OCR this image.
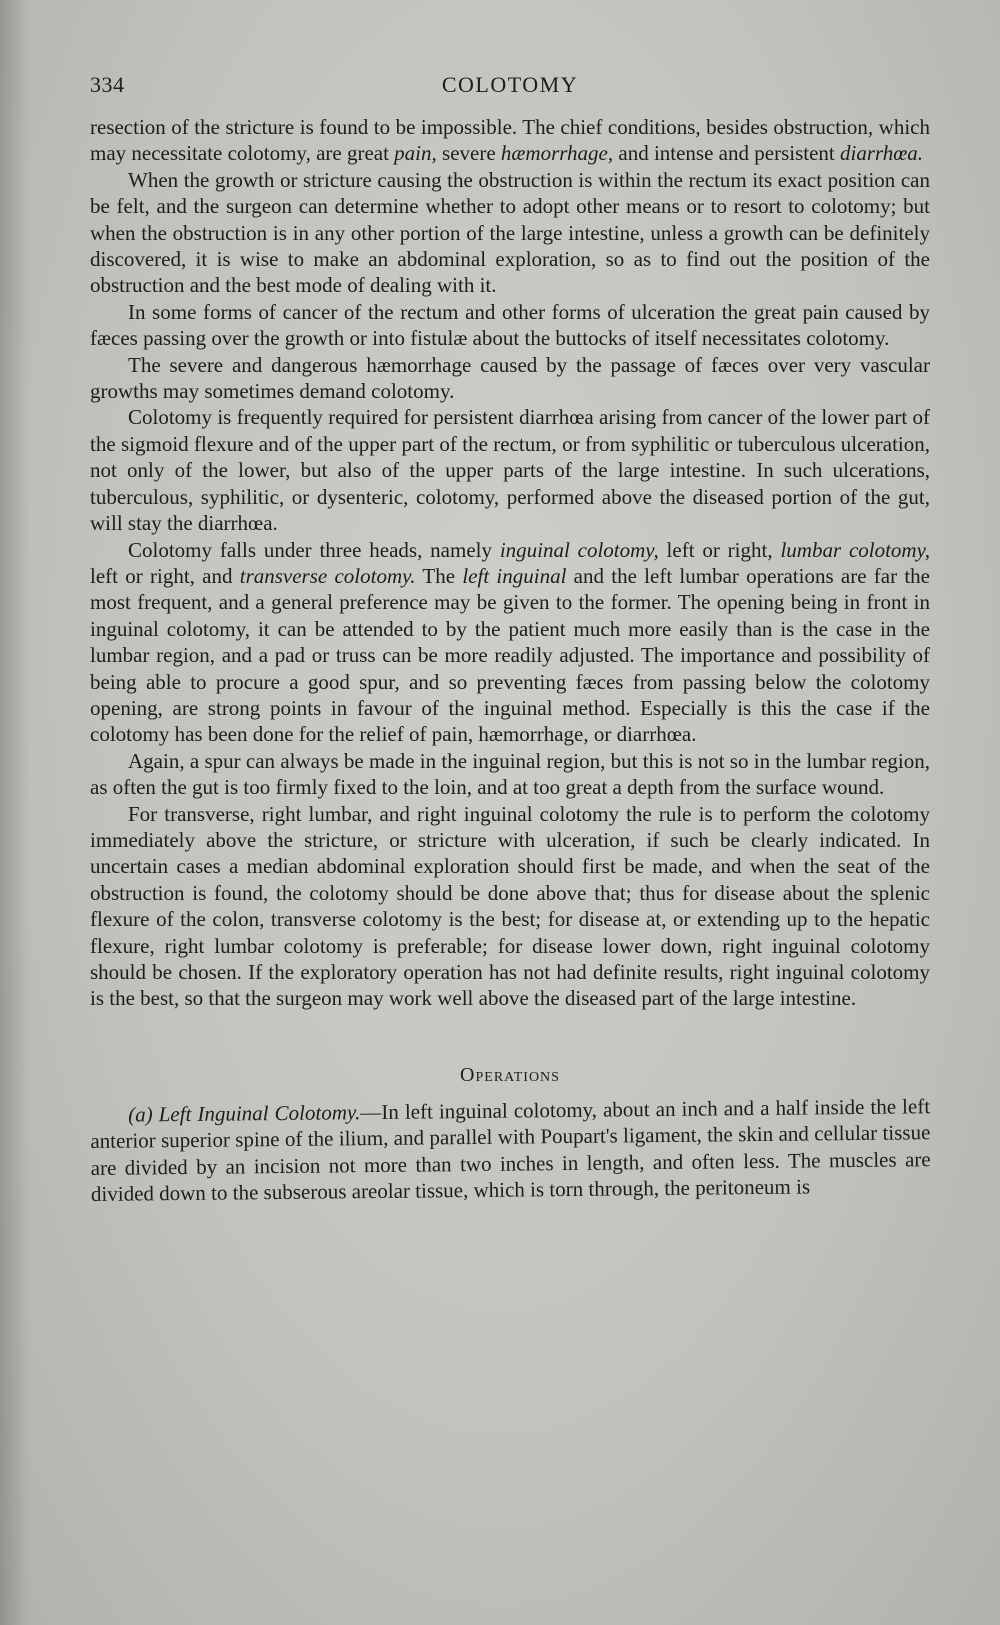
334	COLOTOMY

resection of the stricture is found to be impossible. The chief conditions, besides obstruction, which may necessitate colotomy, are great pain, severe hæmorrhage, and intense and persistent diarrhœa.

When the growth or stricture causing the obstruction is within the rectum its exact position can be felt, and the surgeon can determine whether to adopt other means or to resort to colotomy; but when the obstruction is in any other portion of the large intestine, unless a growth can be definitely discovered, it is wise to make an abdominal exploration, so as to find out the position of the obstruction and the best mode of dealing with it.

In some forms of cancer of the rectum and other forms of ulceration the great pain caused by fæces passing over the growth or into fistulæ about the buttocks of itself necessitates colotomy.

The severe and dangerous hæmorrhage caused by the passage of fæces over very vascular growths may sometimes demand colotomy.

Colotomy is frequently required for persistent diarrhœa arising from cancer of the lower part of the sigmoid flexure and of the upper part of the rectum, or from syphilitic or tuberculous ulceration, not only of the lower, but also of the upper parts of the large intestine. In such ulcerations, tuberculous, syphilitic, or dysenteric, colotomy, performed above the diseased portion of the gut, will stay the diarrhœa.

Colotomy falls under three heads, namely inguinal colotomy, left or right, lumbar colotomy, left or right, and transverse colotomy. The left inguinal and the left lumbar operations are far the most frequent, and a general preference may be given to the former. The opening being in front in inguinal colotomy, it can be attended to by the patient much more easily than is the case in the lumbar region, and a pad or truss can be more readily adjusted. The importance and possibility of being able to procure a good spur, and so preventing fæces from passing below the colotomy opening, are strong points in favour of the inguinal method. Especially is this the case if the colotomy has been done for the relief of pain, hæmorrhage, or diarrhœa.

Again, a spur can always be made in the inguinal region, but this is not so in the lumbar region, as often the gut is too firmly fixed to the loin, and at too great a depth from the surface wound.

For transverse, right lumbar, and right inguinal colotomy the rule is to perform the colotomy immediately above the stricture, or stricture with ulceration, if such be clearly indicated. In uncertain cases a median abdominal exploration should first be made, and when the seat of the obstruction is found, the colotomy should be done above that; thus for disease about the splenic flexure of the colon, transverse colotomy is the best; for disease at, or extending up to the hepatic flexure, right lumbar colotomy is preferable; for disease lower down, right inguinal colotomy should be chosen. If the exploratory operation has not had definite results, right inguinal colotomy is the best, so that the surgeon may work well above the diseased part of the large intestine.

Operations

(a) Left Inguinal Colotomy.—In left inguinal colotomy, about an inch and a half inside the left anterior superior spine of the ilium, and parallel with Poupart's ligament, the skin and cellular tissue are divided by an incision not more than two inches in length, and often less. The muscles are divided down to the subserous areolar tissue, which is torn through, the peritoneum is
